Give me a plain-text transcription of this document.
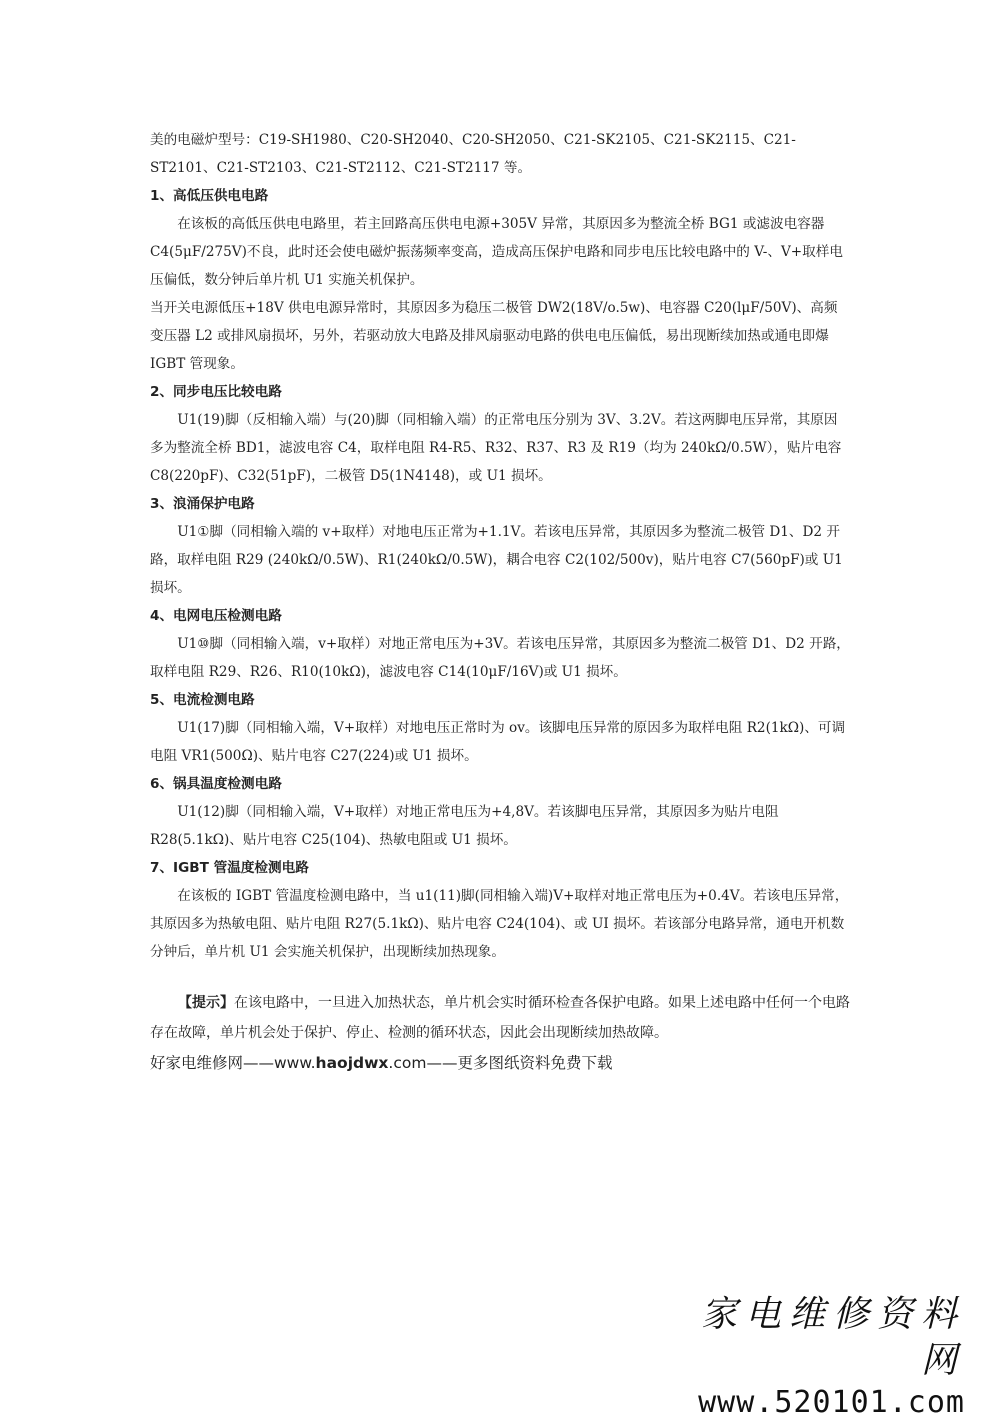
美的电磁炉型号：C19-SH1980、C20-SH2040、C20-SH2050、C21-SK2105、C21-SK2115、C21-ST2101、C21-ST2103、C21-ST2112、C21-ST2117 等。

1、高低压供电电路

在该板的高低压供电电路里，若主回路高压供电电源+305V 异常，其原因多为整流全桥 BG1 或滤波电容器 C4(5μF/275V)不良，此时还会使电磁炉振荡频率变高，造成高压保护电路和同步电压比较电路中的 V-、V+取样电压偏低，数分钟后单片机 U1 实施关机保护。

当开关电源低压+18V 供电电源异常时，其原因多为稳压二极管 DW2(18V/o.5w)、电容器 C20(lμF/50V)、高频变压器 L2 或排风扇损坏，另外，若驱动放大电路及排风扇驱动电路的供电电压偏低，易出现断续加热或通电即爆 IGBT 管现象。

2、同步电压比较电路

U1(19)脚（反相输入端）与(20)脚（同相输入端）的正常电压分别为 3V、3.2V。若这两脚电压异常，其原因多为整流全桥 BD1，滤波电容 C4，取样电阻 R4-R5、R32、R37、R3 及 R19（均为 240kΩ/0.5W），贴片电容 C8(220pF)、C32(51pF)，二极管 D5(1N4148)，或 U1 损坏。

3、浪涌保护电路

U1①脚（同相输入端的 v+取样）对地电压正常为+1.1V。若该电压异常，其原因多为整流二极管 D1、D2 开路，取样电阻 R29 (240kΩ/0.5W)、R1(240kΩ/0.5W)，耦合电容 C2(102/500v)，贴片电容 C7(560pF)或 U1 损坏。

4、电网电压检测电路

U1⑩脚（同相输入端，v+取样）对地正常电压为+3V。若该电压异常，其原因多为整流二极管 D1、D2 开路，取样电阻 R29、R26、R10(10kΩ)，滤波电容 C14(10μF/16V)或 U1 损坏。

5、电流检测电路

U1(17)脚（同相输入端，V+取样）对地电压正常时为 ov。该脚电压异常的原因多为取样电阻 R2(1kΩ)、可调电阻 VR1(500Ω)、贴片电容 C27(224)或 U1 损坏。

6、锅具温度检测电路

U1(12)脚（同相输入端，V+取样）对地正常电压为+4,8V。若该脚电压异常，其原因多为贴片电阻 R28(5.1kΩ)、贴片电容 C25(104)、热敏电阻或 U1 损坏。

7、IGBT 管温度检测电路

在该板的 IGBT 管温度检测电路中，当 u1(11)脚(同相输入端)V+取样对地正常电压为+0.4V。若该电压异常，其原因多为热敏电阻、贴片电阻 R27(5.1kΩ)、贴片电容 C24(104)、或 UI 损坏。若该部分电路异常，通电开机数分钟后，单片机 U1 会实施关机保护，出现断续加热现象。

【提示】在该电路中，一旦进入加热状态，单片机会实时循环检查各保护电路。如果上述电路中任何一个电路存在故障，单片机会处于保护、停止、检测的循环状态，因此会出现断续加热故障。

好家电维修网——www.haojdwx.com——更多图纸资料免费下载

家电维修资料网
www.520101.com
